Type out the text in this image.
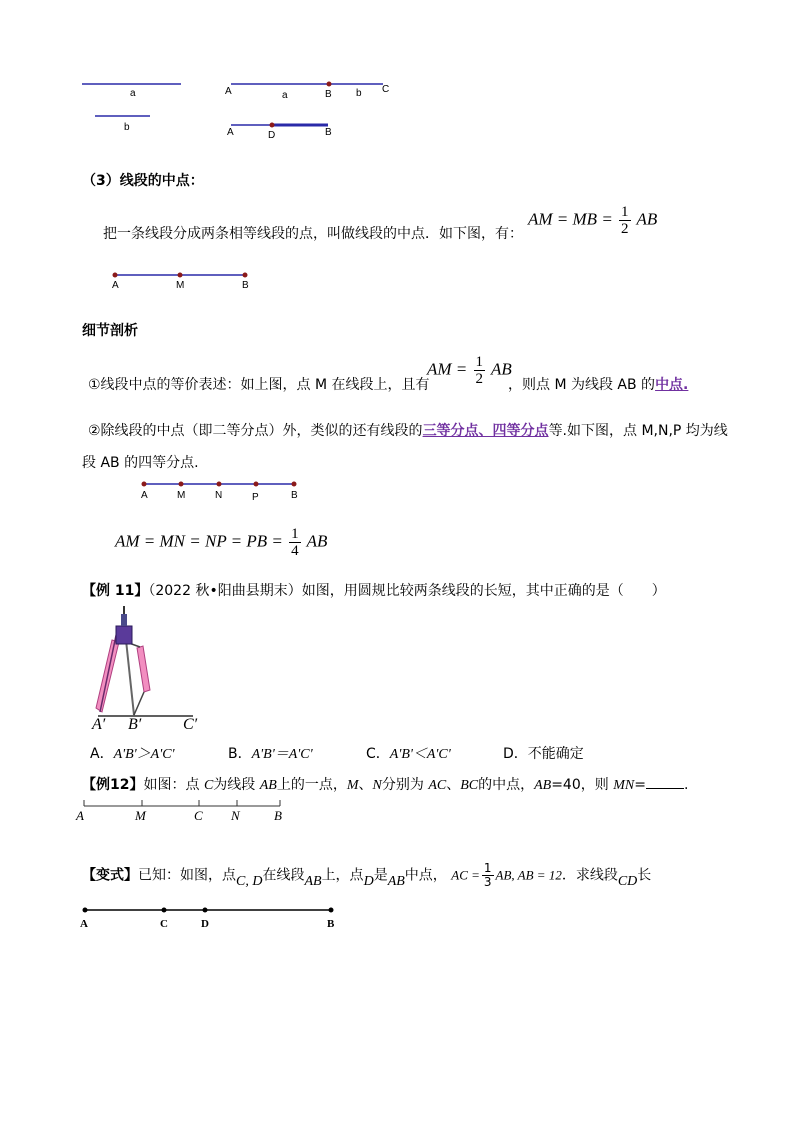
a
b
A	a	B b C
A	D	B
（3）线段的中点：
把一条线段分成两条相等线段的点，叫做线段的中点．如下图，有：
AM = MB = $\frac{1}{2}$ AB
A	M	B
细节剖析
①线段中点的等价表述：如上图，点 M 在线段上，且有
AM = $\frac{1}{2}$ AB
，则点 M 为线段 AB 的中点.
②除线段的中点（即二等分点）外，类似的还有线段的三等分点、四等分点等.如下图，点 M,N,P 均为线
段 AB 的四等分点.
A	M	N	P	B
AM = MN = NP = PB = $\frac{1}{4}$ AB
【例 11】（2022 秋•阳曲县期末）如图，用圆规比较两条线段的长短，其中正确的是（　　）
A′ B′	C′
A．A'B'＞A'C'	B．A'B'＝A'C'	C．A'B'＜A'C'	D．不能确定
【例12】如图：点 C为线段 AB上的一点，M、N分别为 AC、BC的中点，AB=40，则 MN=	.
A	M	C N	B
【变式】已知：如图，点C, D在线段AB上，点D是AB中点， AC = $\frac{1}{3}$ AB, AB = 12．求线段CD长
A	C	D	B
